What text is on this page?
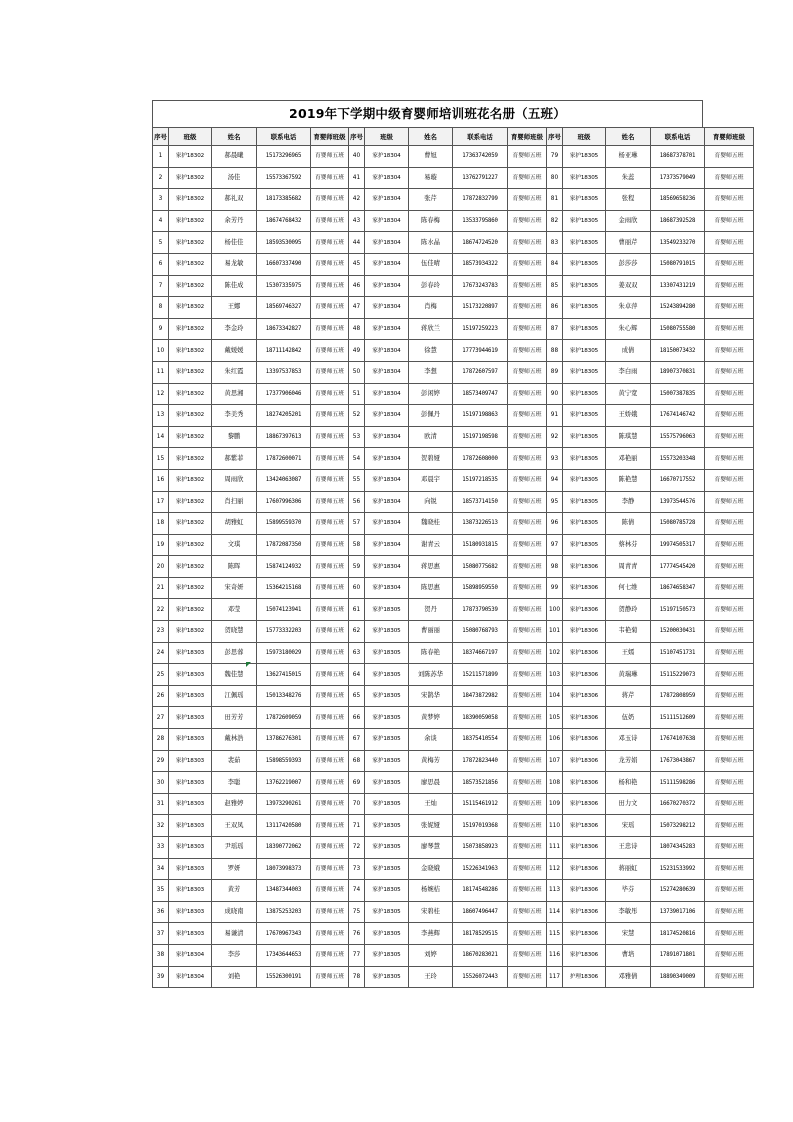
2019年下学期中级育婴师培训班花名册（五班）
序号	班级	姓名	联系电话	育婴师班级	序号	班级	姓名	联系电话	育婴师班级	序号	班级	姓名	联系电话	育婴师班级
1	家护18302	郝晨曦	15173296965	育婴师五班	40	家护18304	曹旭	17363742059	育婴师五班	79	家护18305	杨亚琳	18687378701	育婴师五班
2	家护18302	汤佳	15573367592	育婴师五班	41	家护18304	易璇	13762791227	育婴师五班	80	家护18305	朱蕊	17373579049	育婴师五班
3	家护18302	郝礼双	18173385682	育婴师五班	42	家护18304	张芹	17872832799	育婴师五班	81	家护18305	张程	18569658236	育婴师五班
4	家护18302	余芳丹	18674768432	育婴师五班	43	家护18304	陈春梅	13533795860	育婴师五班	82	家护18305	金雨欣	18687392528	育婴师五班
5	家护18302	杨佳佳	18593530095	育婴师五班	44	家护18304	陈水晶	18674724520	育婴师五班	83	家护18305	曹丽芹	13549233270	育婴师五班
6	家护18302	易龙敏	16607337490	育婴师五班	45	家护18304	伍佳晴	18573934322	育婴师五班	84	家护18305	彭莎莎	15080791015	育婴师五班
7	家护18302	陈佳成	15307335975	育婴师五班	46	家护18304	彭春玲	17673243783	育婴师五班	85	家护18305	姜双双	13307431219	育婴师五班
8	家护18302	王娜	18569746327	育婴师五班	47	家护18304	肖梅	15173220897	育婴师五班	86	家护18305	朱卓萍	15243894280	育婴师五班
9	家护18302	李金玲	18673342827	育婴师五班	48	家护18304	蒋欣兰	15197259223	育婴师五班	87	家护18305	朱心辉	15080755580	育婴师五班
10	家护18302	戴媛媛	18711142842	育婴师五班	49	家护18304	徐慧	17773944619	育婴师五班	88	家护18305	成倩	18150073432	育婴师五班
11	家护18302	朱红霞	13397537853	育婴师五班	50	家护18304	李想	17872607597	育婴师五班	89	家护18305	李白雨	18907370831	育婴师五班
12	家护18302	黄思湘	17377906046	育婴师五班	51	家护18304	彭闲婷	18573409747	育婴师五班	90	家护18305	黄宁宽	15007387835	育婴师五班
13	家护18302	李美秀	18274205201	育婴师五班	52	家护18304	彭佩丹	15197198863	育婴师五班	91	家护18305	王娇娥	17674146742	育婴师五班
14	家护18302	黎鹏	18867397613	育婴师五班	53	家护18304	欧清	15197198598	育婴师五班	92	家护18305	陈琪慧	15575796063	育婴师五班
15	家护18302	郝紫菲	17872600071	育婴师五班	54	家护18304	贺碧娅	17872608000	育婴师五班	93	家护18305	邓艳丽	15573203348	育婴师五班
16	家护18302	周雨欣	13424063087	育婴师五班	55	家护18304	邓晨宇	15197218535	育婴师五班	94	家护18305	陈艳慧	16670717552	育婴师五班
17	家护18302	肖扫丽	17607996306	育婴师五班	56	家护18304	向锐	18573714150	育婴师五班	95	家护18305	李静	13973544576	育婴师五班
18	家护18302	胡雅虹	15899559370	育婴师五班	57	家护18304	魏晓桂	13873226513	育婴师五班	96	家护18305	陈倩	15080785728	育婴师五班
19	家护18302	文琪	17872087350	育婴师五班	58	家护18304	谢青云	15180931815	育婴师五班	97	家护18305	蔡林芬	19974505317	育婴师五班
20	家护18302	陈晖	15874124932	育婴师五班	59	家护18304	蒋思惠	15080775682	育婴师五班	98	家护18306	周青青	17774545420	育婴师五班
21	家护18302	宋奇妍	15364215168	育婴师五班	60	家护18304	陈思惠	15898959550	育婴师五班	99	家护18306	何七维	18674658347	育婴师五班
22	家护18302	邓莹	15074123941	育婴师五班	61	家护18305	贺丹	17873790539	育婴师五班	100	家护18306	贺静玲	15197150573	育婴师五班
23	家护18302	贺晓慧	15773332203	育婴师五班	62	家护18305	曹丽丽	15080768793	育婴师五班	101	家护18306	韦艳菊	15200030431	育婴师五班
24	家护18303	彭思蓉	15973180029	育婴师五班	63	家护18305	陈春艳	18374667197	育婴师五班	102	家护18306	王嫣	15107451731	育婴师五班
25	家护18303	魏佳慧	13627415015	育婴师五班	64	家护18305	刘陈苏华	15211571899	育婴师五班	103	家护18306	黄瑞琳	15115229073	育婴师五班
26	家护18303	江佩瑶	15013348276	育婴师五班	65	家护18305	宋鹊华	18473872982	育婴师五班	104	家护18306	蒋芹	17872808959	育婴师五班
27	家护18303	田芳芳	17872609059	育婴师五班	66	家护18305	黄梦婷	18390059058	育婴师五班	105	家护18306	伍奶	15111512609	育婴师五班
28	家护18303	戴林浩	13786276301	育婴师五班	67	家护18305	余谈	18375410554	育婴师五班	106	家护18306	邓玉诗	17674107638	育婴师五班
29	家护18303	裴茹	15898559393	育婴师五班	68	家护18305	黄梅芳	17872823440	育婴师五班	107	家护18306	龙芳娟	17673043867	育婴师五班
30	家护18303	李聪	13762219007	育婴师五班	69	家护18305	廖思晨	18573521856	育婴师五班	108	家护18306	杨和艳	15111598286	育婴师五班
31	家护18303	赵雅婷	13973290261	育婴师五班	70	家护18305	王灿	15115461912	育婴师五班	109	家护18306	田力文	16670270372	育婴师五班
32	家护18303	王双凤	13117420580	育婴师五班	71	家护18305	张妮娅	15197019368	育婴师五班	110	家护18306	宋瑶	15073298212	育婴师五班
33	家护18303	尹瑶瑶	18390772062	育婴师五班	72	家护18305	廖琴慧	15073858923	育婴师五班	111	家护18306	王忠诗	18074345283	育婴师五班
34	家护18303	罗妍	18073998373	育婴师五班	73	家护18305	金晓娥	15226341963	育婴师五班	112	家护18306	蒋丽虹	15231533992	育婴师五班
35	家护18303	黄芳	13487344003	育婴师五班	74	家护18305	杨婉桔	18174548286	育婴师五班	113	家护18306	毕芬	15274280639	育婴师五班
36	家护18303	成晓南	13875253203	育婴师五班	75	家护18305	宋碧桂	18607496447	育婴师五班	114	家护18306	李敏彤	13739017106	育婴师五班
37	家护18303	易谦清	17670967343	育婴师五班	76	家护18305	李燕辉	18178529515	育婴师五班	115	家护18306	宋慧	18174520816	育婴师五班
38	家护18304	李莎	17343644653	育婴师五班	77	家护18305	刘婷	18670283021	育婴师五班	116	家护18306	曹培	17891071801	育婴师五班
39	家护18304	刘艳	15526300191	育婴师五班	78	家护18305	王玲	15526072443	育婴师五班	117	护理18306	邓雅倩	18890349009	育婴师五班
